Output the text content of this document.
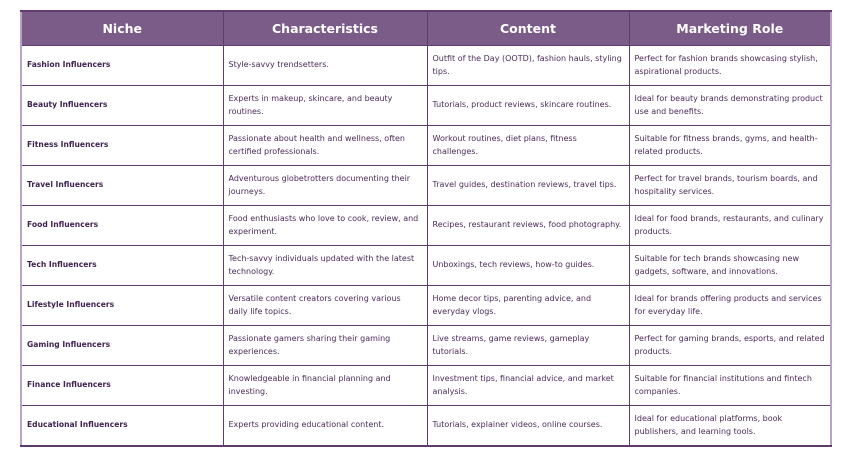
Niche	Characteristics	Content	Marketing Role
Fashion Influencers	Style-savvy trendsetters.	Outfit of the Day (OOTD), fashion hauls, styling tips.	Perfect for fashion brands showcasing stylish, aspirational products.
Beauty Influencers	Experts in makeup, skincare, and beauty routines.	Tutorials, product reviews, skincare routines.	Ideal for beauty brands demonstrating product use and benefits.
Fitness Influencers	Passionate about health and wellness, often certified professionals.	Workout routines, diet plans, fitness challenges.	Suitable for fitness brands, gyms, and health-related products.
Travel Influencers	Adventurous globetrotters documenting their journeys.	Travel guides, destination reviews, travel tips.	Perfect for travel brands, tourism boards, and hospitality services.
Food Influencers	Food enthusiasts who love to cook, review, and experiment.	Recipes, restaurant reviews, food photography.	Ideal for food brands, restaurants, and culinary products.
Tech Influencers	Tech-savvy individuals updated with the latest technology.	Unboxings, tech reviews, how-to guides.	Suitable for tech brands showcasing new gadgets, software, and innovations.
Lifestyle Influencers	Versatile content creators covering various daily life topics.	Home decor tips, parenting advice, and everyday vlogs.	Ideal for brands offering products and services for everyday life.
Gaming Influencers	Passionate gamers sharing their gaming experiences.	Live streams, game reviews, gameplay tutorials.	Perfect for gaming brands, esports, and related products.
Finance Influencers	Knowledgeable in financial planning and investing.	Investment tips, financial advice, and market analysis.	Suitable for financial institutions and fintech companies.
Educational Influencers	Experts providing educational content.	Tutorials, explainer videos, online courses.	Ideal for educational platforms, book publishers, and learning tools.
